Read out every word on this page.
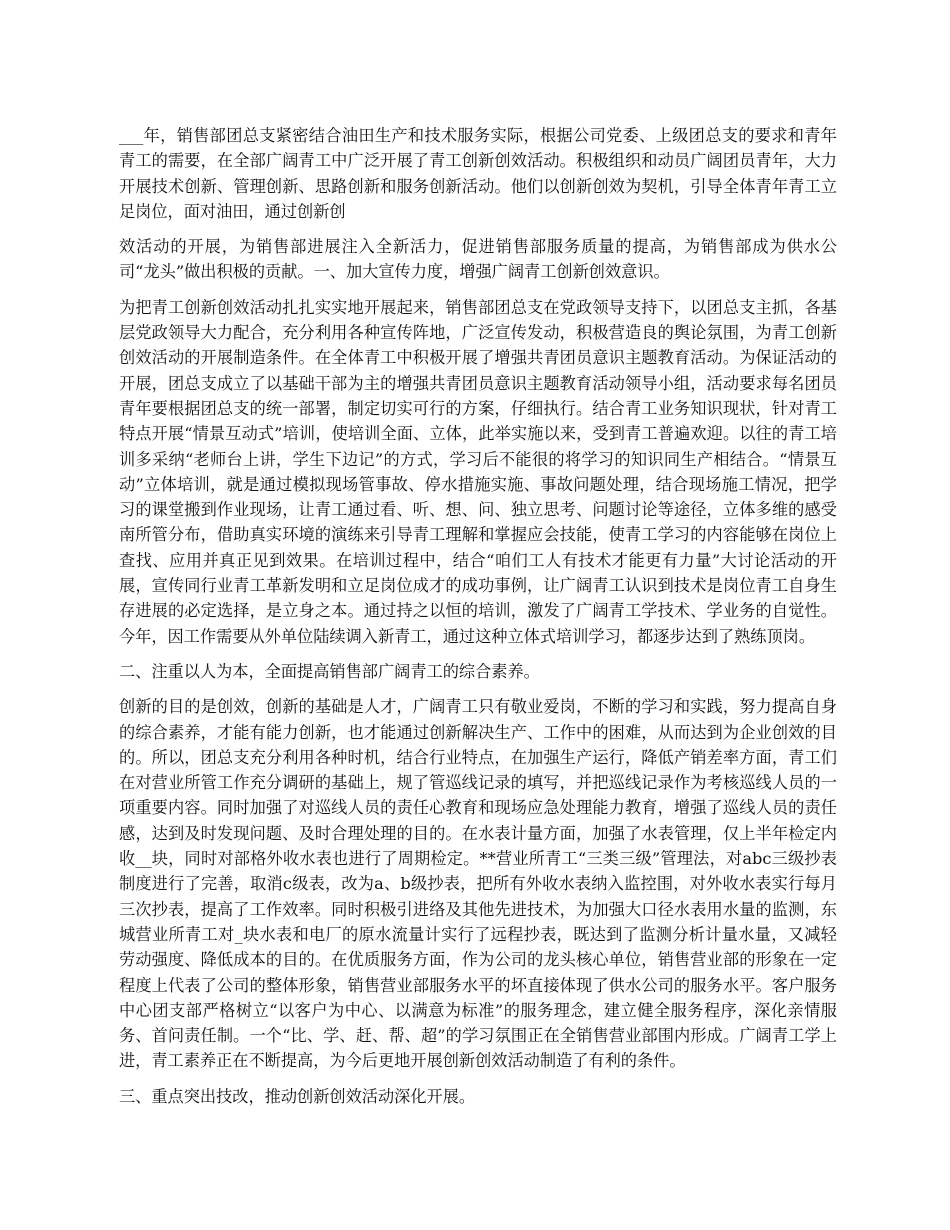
___年，销售部团总支紧密结合油田生产和技术服务实际，根据公司党委、上级团总支的要求和青年青工的需要，在全部广阔青工中广泛开展了青工创新创效活动。积极组织和动员广阔团员青年，大力开展技术创新、管理创新、思路创新和服务创新活动。他们以创新创效为契机，引导全体青年青工立足岗位，面对油田，通过创新创

效活动的开展，为销售部进展注入全新活力，促进销售部服务质量的提高，为销售部成为供水公司“龙头”做出积极的贡献。一、加大宣传力度，增强广阔青工创新创效意识。

为把青工创新创效活动扎扎实实地开展起来，销售部团总支在党政领导支持下，以团总支主抓，各基层党政领导大力配合，充分利用各种宣传阵地，广泛宣传发动，积极营造良的舆论氛围，为青工创新创效活动的开展制造条件。在全体青工中积极开展了增强共青团员意识主题教育活动。为保证活动的开展，团总支成立了以基础干部为主的增强共青团员意识主题教育活动领导小组，活动要求每名团员青年要根据团总支的统一部署，制定切实可行的方案，仔细执行。结合青工业务知识现状，针对青工特点开展“情景互动式”培训，使培训全面、立体，此举实施以来，受到青工普遍欢迎。以往的青工培训多采纳“老师台上讲，学生下边记”的方式，学习后不能很的将学习的知识同生产相结合。“情景互动”立体培训，就是通过模拟现场管事故、停水措施实施、事故问题处理，结合现场施工情况，把学习的课堂搬到作业现场，让青工通过看、听、想、问、独立思考、问题讨论等途径，立体多维的感受南所管分布，借助真实环境的演练来引导青工理解和掌握应会技能，使青工学习的内容能够在岗位上查找、应用并真正见到效果。在培训过程中，结合“咱们工人有技术才能更有力量”大讨论活动的开展，宣传同行业青工革新发明和立足岗位成才的成功事例，让广阔青工认识到技术是岗位青工自身生存进展的必定选择，是立身之本。通过持之以恒的培训，激发了广阔青工学技术、学业务的自觉性。今年，因工作需要从外单位陆续调入新青工，通过这种立体式培训学习，都逐步达到了熟练顶岗。

二、注重以人为本，全面提高销售部广阔青工的综合素养。

创新的目的是创效，创新的基础是人才，广阔青工只有敬业爱岗，不断的学习和实践，努力提高自身的综合素养，才能有能力创新，也才能通过创新解决生产、工作中的困难，从而达到为企业创效的目的。所以，团总支充分利用各种时机，结合行业特点，在加强生产运行，降低产销差率方面，青工们在对营业所管工作充分调研的基础上，规了管巡线记录的填写，并把巡线记录作为考核巡线人员的一项重要内容。同时加强了对巡线人员的责任心教育和现场应急处理能力教育，增强了巡线人员的责任感，达到及时发现问题、及时合理处理的目的。在水表计量方面，加强了水表管理，仅上半年检定内收__块，同时对部格外收水表也进行了周期检定。**营业所青工“三类三级”管理法，对abc三级抄表制度进行了完善，取消c级表，改为a、b级抄表，把所有外收水表纳入监控围，对外收水表实行每月三次抄表，提高了工作效率。同时积极引进络及其他先进技术，为加强大口径水表用水量的监测，东城营业所青工对_块水表和电厂的原水流量计实行了远程抄表，既达到了监测分析计量水量，又减轻劳动强度、降低成本的目的。在优质服务方面，作为公司的龙头核心单位，销售营业部的形象在一定程度上代表了公司的整体形象，销售营业部服务水平的坏直接体现了供水公司的服务水平。客户服务中心团支部严格树立“以客户为中心、以满意为标准”的服务理念，建立健全服务程序，深化亲情服务、首问责任制。一个“比、学、赶、帮、超”的学习氛围正在全销售营业部围内形成。广阔青工学上进，青工素养正在不断提高，为今后更地开展创新创效活动制造了有利的条件。

三、重点突出技改，推动创新创效活动深化开展。
